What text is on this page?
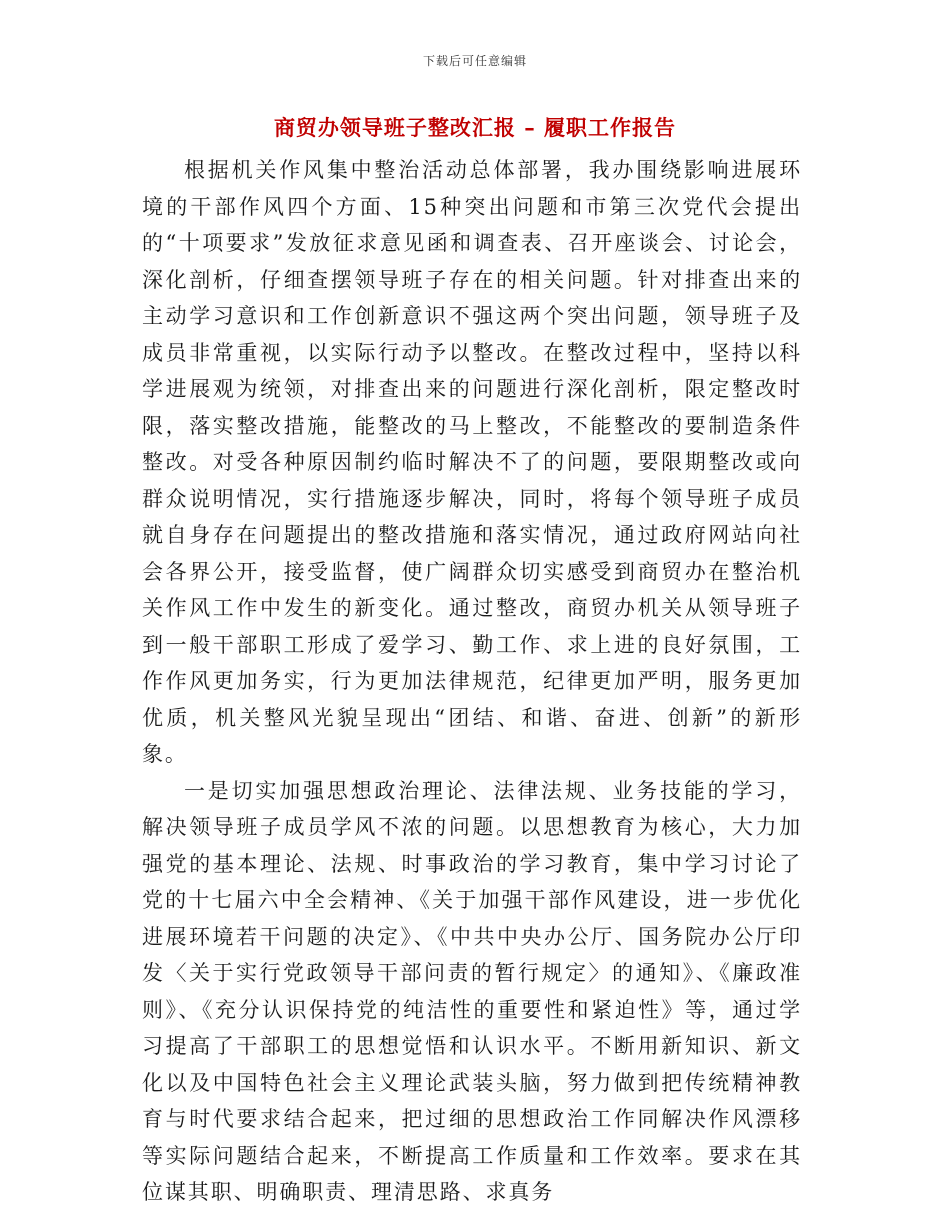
下载后可任意编辑
商贸办领导班子整改汇报 – 履职工作报告

根据机关作风集中整治活动总体部署，我办围绕影响进展环境的干部作风四个方面、15种突出问题和市第三次党代会提出的“十项要求”发放征求意见函和调查表、召开座谈会、讨论会，深化剖析，仔细查摆领导班子存在的相关问题。针对排查出来的主动学习意识和工作创新意识不强这两个突出问题，领导班子及成员非常重视，以实际行动予以整改。在整改过程中，坚持以科学进展观为统领，对排查出来的问题进行深化剖析，限定整改时限，落实整改措施，能整改的马上整改，不能整改的要制造条件整改。对受各种原因制约临时解决不了的问题，要限期整改或向群众说明情况，实行措施逐步解决，同时，将每个领导班子成员就自身存在问题提出的整改措施和落实情况，通过政府网站向社会各界公开，接受监督，使广阔群众切实感受到商贸办在整治机关作风工作中发生的新变化。通过整改，商贸办机关从领导班子到一般干部职工形成了爱学习、勤工作、求上进的良好氛围，工作作风更加务实，行为更加法律规范，纪律更加严明，服务更加优质，机关整风光貌呈现出“团结、和谐、奋进、创新”的新形象。

一是切实加强思想政治理论、法律法规、业务技能的学习，解决领导班子成员学风不浓的问题。以思想教育为核心，大力加强党的基本理论、法规、时事政治的学习教育，集中学习讨论了党的十七届六中全会精神、《关于加强干部作风建设，进一步优化进展环境若干问题的决定》、《中共中央办公厅、国务院办公厅印发〈关于实行党政领导干部问责的暂行规定〉的通知》、《廉政准则》、《充分认识保持党的纯洁性的重要性和紧迫性》等，通过学习提高了干部职工的思想觉悟和认识水平。不断用新知识、新文化以及中国特色社会主义理论武装头脑，努力做到把传统精神教育与时代要求结合起来，把过细的思想政治工作同解决作风漂移等实际问题结合起来，不断提高工作质量和工作效率。要求在其位谋其职、明确职责、理清思路、求真务
